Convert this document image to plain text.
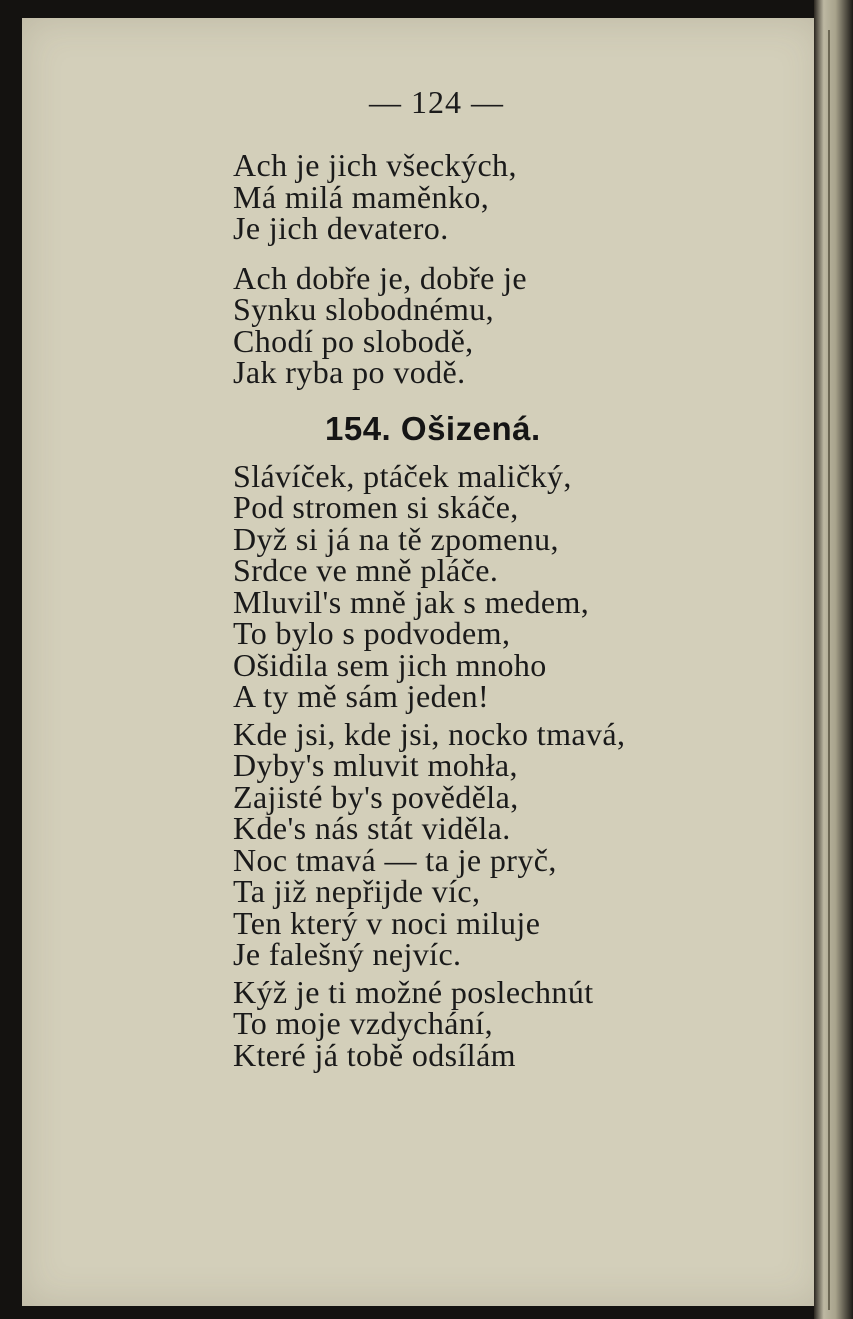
— 124 —
Ach je jich všeckých,
Má milá maměnko,
Je jich devatero.
Ach dobře je, dobře je
Synku slobodnému,
Chodí po slobodě,
Jak ryba po vodě.
154. Ošizená.
Slávíček, ptáček maličký,
Pod stromen si skáče,
Dyž si já na tě zpomenu,
Srdce ve mně pláče.
Mluvil's mně jak s medem,
To bylo s podvodem,
Ošidila sem jich mnoho
A ty mě sám jeden!
Kde jsi, kde jsi, nocko tmavá,
Dyby's mluvit mohła,
Zajisté by's pověděla,
Kde's nás stát viděla.
Noc tmavá — ta je pryč,
Ta již nepřijde víc,
Ten který v noci miluje
Je falešný nejvíc.
Kýž je ti možné poslechnút
To moje vzdychání,
Které já tobě odsílám
